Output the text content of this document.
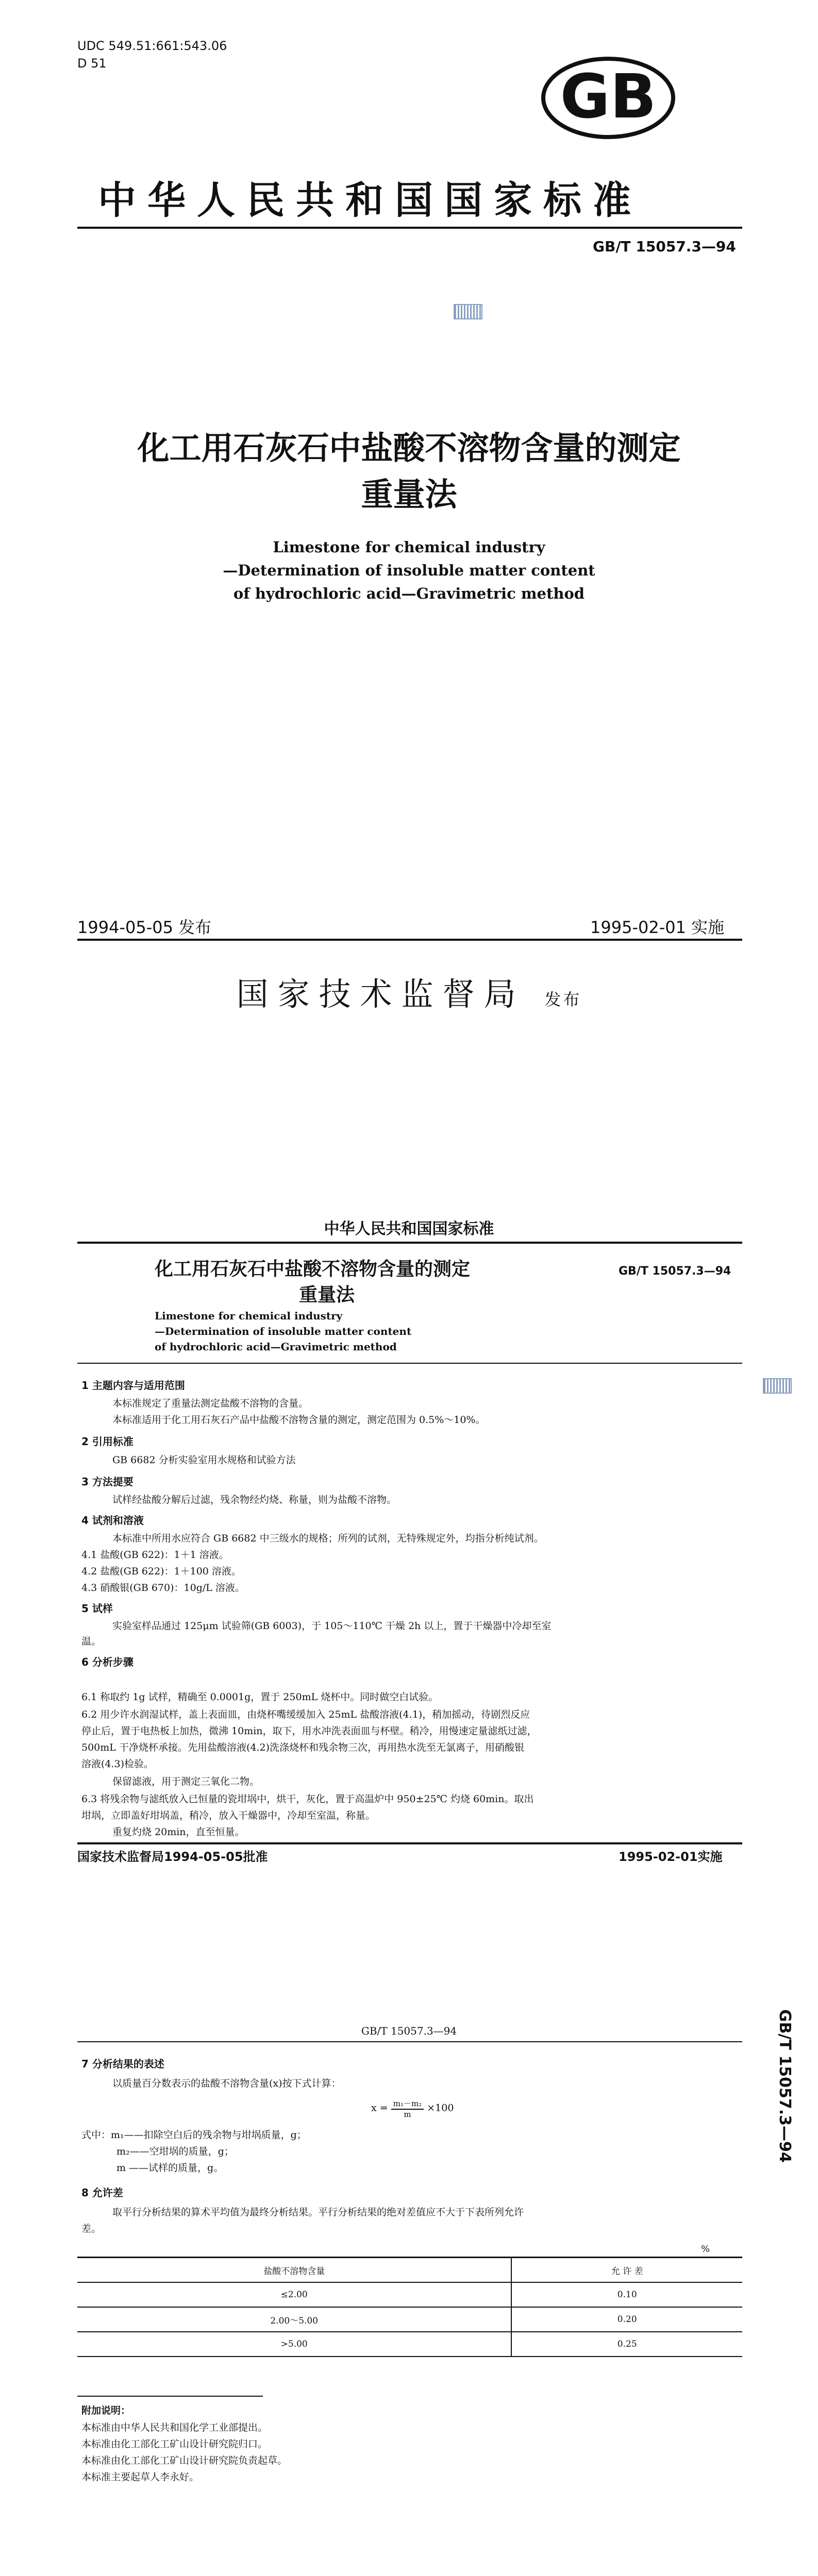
UDC 549.51:661:543.06
D 51	GB
中华人民共和国国家标准
GB/T 15057.3—94
化工用石灰石中盐酸不溶物含量的测定
重量法
Limestone for chemical industry
—Determination of insoluble matter content
of hydrochloric acid—Gravimetric method
1994-05-05 发布	1995-02-01 实施
国家技术监督局 发布
中华人民共和国国家标准
化工用石灰石中盐酸不溶物含量的测定
重量法
GB/T 15057.3—94
Limestone for chemical industry
—Determination of insoluble matter content
of hydrochloric acid—Gravimetric method
1 主题内容与适用范围
本标准规定了重量法测定盐酸不溶物的含量。
本标准适用于化工用石灰石产品中盐酸不溶物含量的测定，测定范围为 0.5%～10%。
2 引用标准
GB 6682 分析实验室用水规格和试验方法
3 方法提要
试样经盐酸分解后过滤，残余物经灼烧、称量，则为盐酸不溶物。
4 试剂和溶液
本标准中所用水应符合 GB 6682 中三级水的规格；所列的试剂，无特殊规定外，均指分析纯试剂。
4.1 盐酸(GB 622)：1＋1 溶液。
4.2 盐酸(GB 622)：1＋100 溶液。
4.3 硝酸银(GB 670)：10g/L 溶液。
5 试样
实验室样品通过 125μm 试验筛(GB 6003)，于 105～110℃ 干燥 2h 以上，置于干燥器中冷却至室
温。
6 分析步骤
6.1 称取约 1g 试样，精确至 0.0001g，置于 250mL 烧杯中。同时做空白试验。
6.2 用少许水润湿试样，盖上表面皿，由烧杯嘴缓缓加入 25mL 盐酸溶液(4.1)，稍加摇动，待剧烈反应
停止后，置于电热板上加热，微沸 10min，取下，用水冲洗表面皿与杯壁。稍冷，用慢速定量滤纸过滤，
500mL 干净烧杯承接。先用盐酸溶液(4.2)洗涤烧杯和残余物三次，再用热水洗至无氯离子，用硝酸银
溶液(4.3)检验。
保留滤液，用于测定三氧化二物。
6.3 将残余物与滤纸放入已恒量的瓷坩埚中，烘干，灰化，置于高温炉中 950±25℃ 灼烧 60min。取出
坩埚，立即盖好坩埚盖，稍冷，放入干燥器中，冷却至室温，称量。
重复灼烧 20min，直至恒量。
国家技术监督局1994-05-05批准	1995-02-01实施
GB/T 15057.3—94	GB/T 15057.3—94
7 分析结果的表述
以质量百分数表示的盐酸不溶物含量(x)按下式计算：
$x = \frac{\text{m₁－m₂}}{m} \times 100$
式中：m₁——扣除空白后的残余物与坩埚质量，g；
m₂——空坩埚的质量，g；
m ——试样的质量，g。
8 允许差
取平行分析结果的算术平均值为最终分析结果。平行分析结果的绝对差值应不大于下表所列允许
差。
%
盐酸不溶物含量	允 许 差
≤2.00	0.10
2.00～5.00	0.20
>5.00	0.25
附加说明：
本标准由中华人民共和国化学工业部提出。
本标准由化工部化工矿山设计研究院归口。
本标准由化工部化工矿山设计研究院负责起草。
本标准主要起草人李永好。
